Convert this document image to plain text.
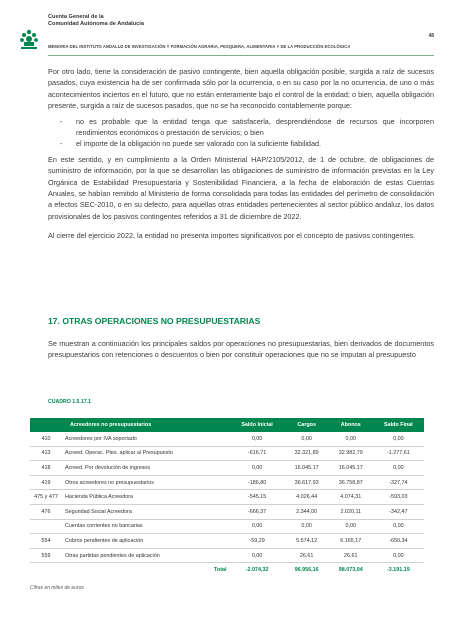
Cuenta General de la
Comunidad Autónoma de Andalucía
MEMORIA DEL INSTITUTO ANDALUZ DE INVESTIGACIÓN Y FORMACIÓN AGRARIA, PESQUERA, ALIMENTARIA Y DE LA PRODUCCIÓN ECOLÓGICA
48

Por otro lado, tiene la consideración de pasivo contingente, bien aquella obligación posible, surgida a raíz de sucesos pasados, cuya existencia ha de ser confirmada sólo por la ocurrencia, o en su caso por la no ocurrencia, de uno o más acontecimientos inciertos en el futuro, que no están enteramente bajo el control de la entidad; o bien, aquella obligación presente, surgida a raíz de sucesos pasados, que no se ha reconocido contablemente porque:

- no es probable que la entidad tenga que satisfacerla, desprendiéndose de recursos que incorporen rendimientos económicos o prestación de servicios; o bien
- el importe de la obligación no puede ser valorado con la suficiente fiabilidad.

En este sentido, y en cumplimiento a la Orden Ministerial HAP/2105/2012, de 1 de octubre, de obligaciones de suministro de información, por la que se desarrollan las obligaciones de suministro de información previstas en la Ley Orgánica de Estabilidad Presupuestaria y Sostenibilidad Financiera, a la fecha de elaboración de estas Cuentas Anuales, se habían remitido al Ministerio de forma consolidada para todas las entidades del perímetro de consolidación a efectos SEC-2010, o en su defecto, para aquellas otras entidades pertenecientes al sector público andaluz, los datos provisionales de los pasivos contingentes referidos a 31 de diciembre de 2022.

Al cierre del ejercicio 2022, la entidad no presenta importes significativos por el concepto de pasivos contingentes.

17. OTRAS OPERACIONES NO PRESUPUESTARIAS

Se muestran a continuación los principales saldos por operaciones no presupuestarias, bien derivados de documentos presupuestarios con retenciones o descuentos o bien por constituir operaciones que no se imputan al presupuesto

CUADRO 1.5.17.1
	Acreedores no presupuestarios	Saldo Inicial	Cargos	Abonos	Saldo Final
410	Acreedores por IVA soportado	0,00	0,00	0,00	0,00
413	Acreed. Operac. Ptes. aplicar al Presupuesto	-616,71	32.321,89	32.982,79	-1.277,61
418	Acreed. Por devolución de ingresos	0,00	16.045,17	16.045,17	0,00
419	Otros acreedores no presupuestarios	-186,80	36.617,93	36.758,87	-327,74
475 y 477	Hacienda Pública Acreedora	-545,15	4.026,44	4.074,31	-593,03
476	Seguridad Social Acreedora	-666,37	2.344,00	2.020,11	-342,47
	Cuentas corrientes no bancarias	0,00	0,00	0,00	0,00
554	Cobros pendientes de aplicación	-59,29	5.574,12	6.165,17	-650,34
559	Otras partidas pendientes de aplicación	0,00	26,61	26,61	0,00
	Total	-2.074,32	96.956,16	98.073,04	-3.191,19
Cifras en miles de euros
